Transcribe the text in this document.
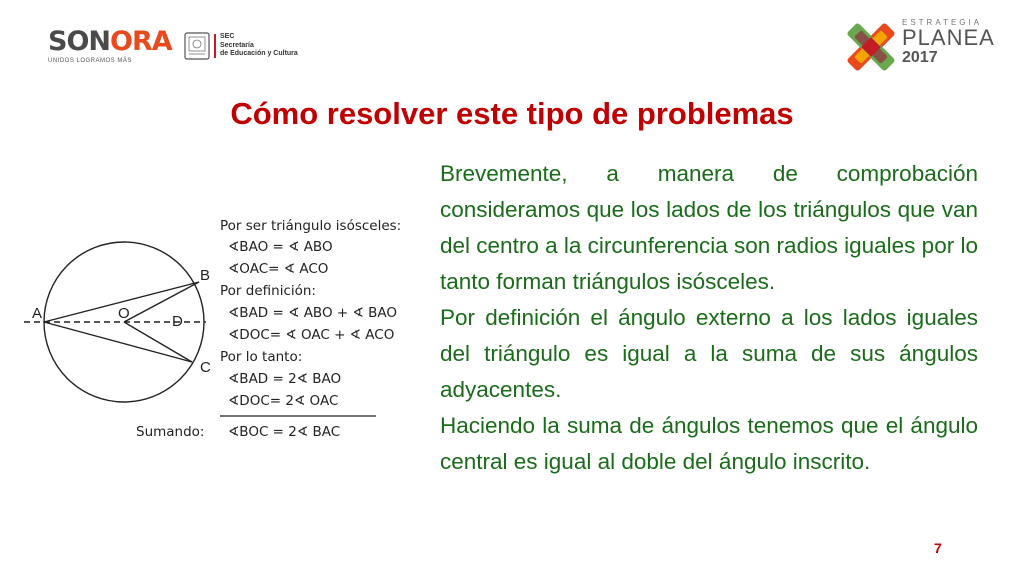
SONORA
UNIDOS LOGRAMOS MÁS
SEC
Secretaría
de Educación y Cultura
ESTRATEGIA
PLANEA
2017
Cómo resolver este tipo de problemas
A	O	D
B
C
Por ser triángulo isósceles:
∢BAO = ∢ ABO
∢OAC= ∢ ACO
Por definición:
∢BAD = ∢ ABO + ∢ BAO
∢DOC= ∢ OAC + ∢ ACO
Por lo tanto:
∢BAD = 2∢ BAO
∢DOC= 2∢ OAC
Sumando: ∢BOC = 2∢ BAC

Brevemente, a manera de comprobación consideramos que los lados de los triángulos que van del centro a la circunferencia son radios iguales por lo tanto forman triángulos isósceles.

Por definición el ángulo externo a los lados iguales del triángulo es igual a la suma de sus ángulos adyacentes.

Haciendo la suma de ángulos tenemos que el ángulo central es igual al doble del ángulo inscrito.

7
